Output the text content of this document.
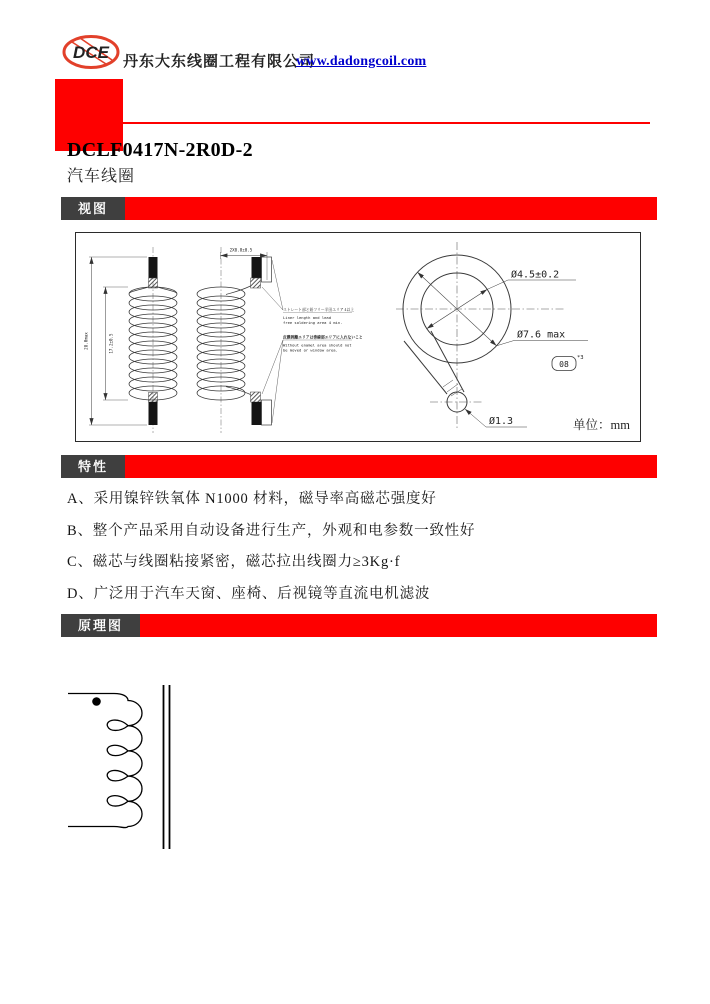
DCE 丹东大东线圈工程有限公司
www.dadongcoil.com
DCLF0417N-2R0D-2
汽车线圈
视图
28.0max	17.2±0.5
2X0.8±0.5
ストレート部と鉛フリー半田エリア 4以上
Liner length and lead
free soldering area 4 min.
皮膜剥離エリアは巻線部エリアに入れないこと
Without enamel area should not
be moved or window area.
Ø4.5±0.2
Ø7.6 max
Ø1.3
08
*3
单位：mm
特性
A、采用镍锌铁氧体 N1000 材料，磁导率高磁芯强度好
B、整个产品采用自动设备进行生产，外观和电参数一致性好
C、磁芯与线圈粘接紧密，磁芯拉出线圈力≥3Kg·f
D、广泛用于汽车天窗、座椅、后视镜等直流电机滤波
原理图
